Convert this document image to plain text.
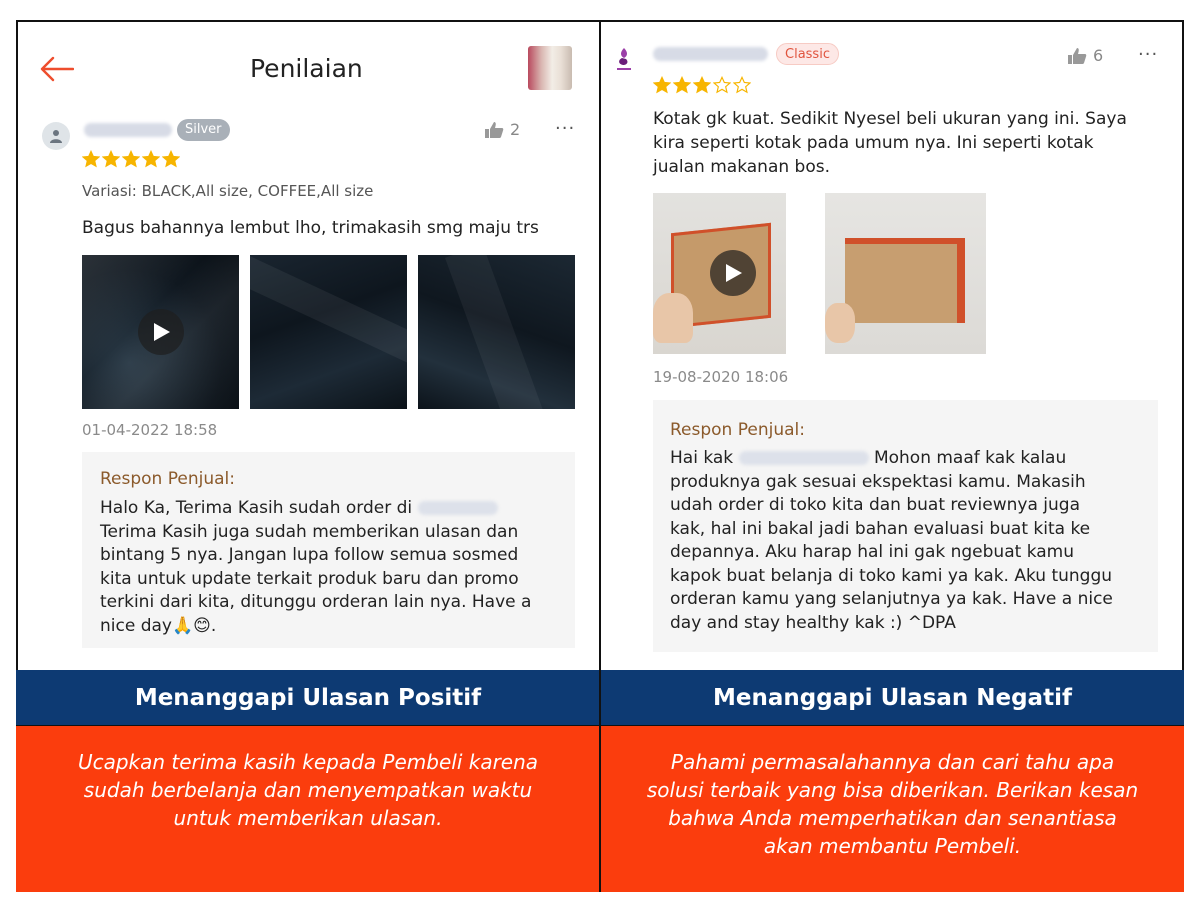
Penilaian
Silver	2 ···
Variasi: BLACK,All size, COFFEE,All size
Bagus bahannya lembut lho, trimakasih smg maju trs
01-04-2022 18:58
Respon Penjual:
Halo Ka, Terima Kasih sudah order di
Terima Kasih juga sudah memberikan ulasan dan
bintang 5 nya. Jangan lupa follow semua sosmed
kita untuk update terkait produk baru dan promo
terkini dari kita, ditunggu orderan lain nya. Have a
nice day🙏😊.
Classic	6 ···
Kotak gk kuat. Sedikit Nyesel beli ukuran yang ini. Saya
kira seperti kotak pada umum nya. Ini seperti kotak
jualan makanan bos.
19-08-2020 18:06
Respon Penjual:
Hai kak	Mohon maaf kak kalau
produknya gak sesuai ekspektasi kamu. Makasih
udah order di toko kita dan buat reviewnya juga
kak, hal ini bakal jadi bahan evaluasi buat kita ke
depannya. Aku harap hal ini gak ngebuat kamu
kapok buat belanja di toko kami ya kak. Aku tunggu
orderan kamu yang selanjutnya ya kak. Have a nice
day and stay healthy kak :) ^DPA
Menanggapi Ulasan Positif	Menanggapi Ulasan Negatif
Ucapkan terima kasih kepada Pembeli karena
sudah berbelanja dan menyempatkan waktu
untuk memberikan ulasan.
Pahami permasalahannya dan cari tahu apa
solusi terbaik yang bisa diberikan. Berikan kesan
bahwa Anda memperhatikan dan senantiasa
akan membantu Pembeli.
